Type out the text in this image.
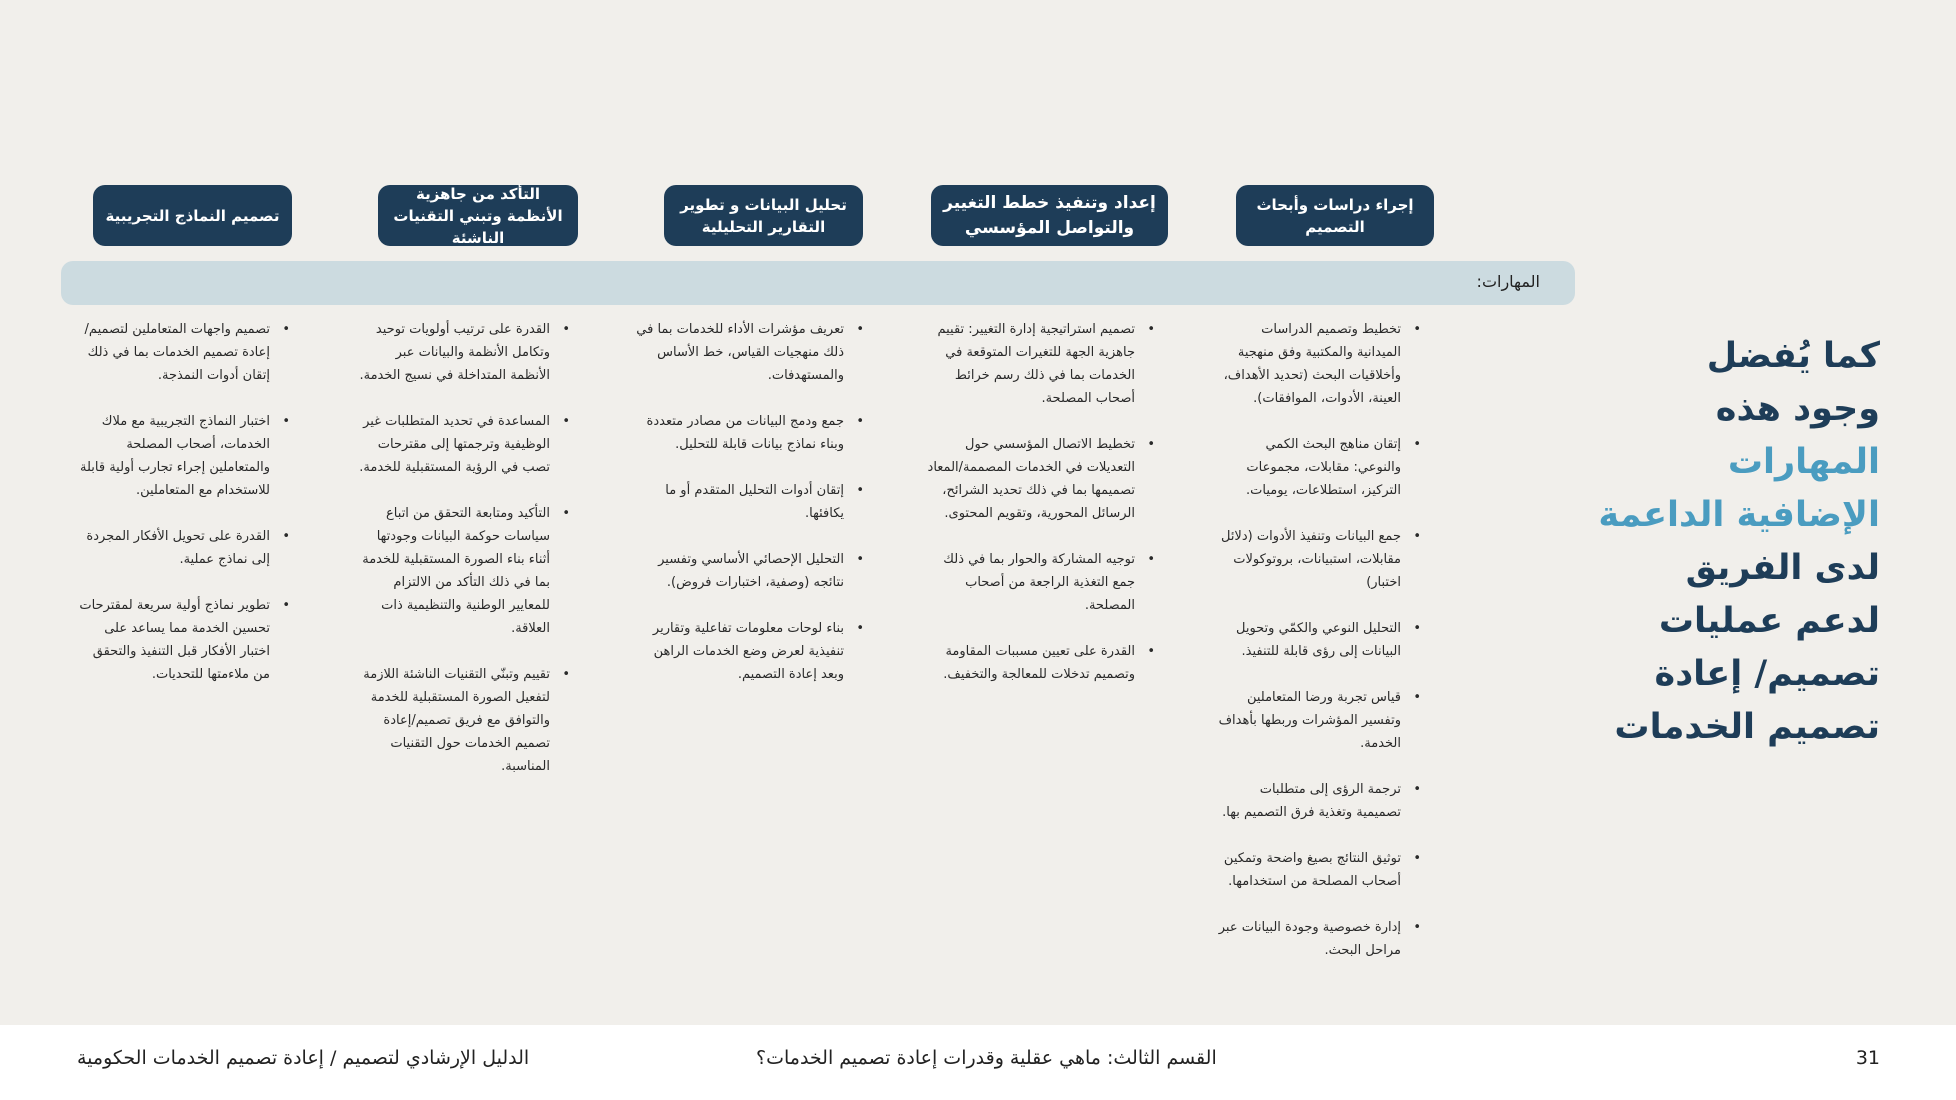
إجراء دراسات وأبحاث التصميم
إعداد وتنفيذ خطط التغيير والتواصل المؤسسي
تحليل البيانات و تطوير التقارير التحليلية
التأكد من جاهزية الأنظمة وتبني التقنيات الناشئة
تصميم النماذج التجريبية
المهارات:
• تخطيط وتصميم الدراسات الميدانية والمكتبية وفق منهجية وأخلاقيات البحث (تحديد الأهداف، العينة، الأدوات، الموافقات).
• إتقان مناهج البحث الكمي والنوعي: مقابلات، مجموعات التركيز، استطلاعات، يوميات.
• جمع البيانات وتنفيذ الأدوات (دلائل مقابلات، استبيانات، بروتوكولات اختبار)
• التحليل النوعي والكمّي وتحويل البيانات إلى رؤى قابلة للتنفيذ.
• قياس تجربة ورضا المتعاملين وتفسير المؤشرات وربطها بأهداف الخدمة.
• ترجمة الرؤى إلى متطلبات تصميمية وتغذية فرق التصميم بها.
• توثيق النتائج بصيغ واضحة وتمكين أصحاب المصلحة من استخدامها.
• إدارة خصوصية وجودة البيانات عبر مراحل البحث.
• تصميم استراتيجية إدارة التغيير: تقييم جاهزية الجهة للتغيرات المتوقعة في الخدمات بما في ذلك رسم خرائط أصحاب المصلحة.
• تخطيط الاتصال المؤسسي حول التعديلات في الخدمات المصممة/المعاد تصميمها بما في ذلك تحديد الشرائح، الرسائل المحورية، وتقويم المحتوى.
• توجيه المشاركة والحوار بما في ذلك جمع التغذية الراجعة من أصحاب المصلحة.
• القدرة على تعيين مسببات المقاومة وتصميم تدخلات للمعالجة والتخفيف.
• تعريف مؤشرات الأداء للخدمات بما في ذلك منهجيات القياس، خط الأساس والمستهدفات.
• جمع ودمج البيانات من مصادر متعددة وبناء نماذج بيانات قابلة للتحليل.
• إتقان أدوات التحليل المتقدم أو ما يكافئها.
• التحليل الإحصائي الأساسي وتفسير نتائجه (وصفية، اختبارات فروض).
• بناء لوحات معلومات تفاعلية وتقارير تنفيذية لعرض وضع الخدمات الراهن وبعد إعادة التصميم.
• القدرة على ترتيب أولويات توحيد وتكامل الأنظمة والبيانات عبر الأنظمة المتداخلة في نسيج الخدمة.
• المساعدة في تحديد المتطلبات غير الوظيفية وترجمتها إلى مقترحات تصب في الرؤية المستقبلية للخدمة.
• التأكيد ومتابعة التحقق من اتباع سياسات حوكمة البيانات وجودتها أثناء بناء الصورة المستقبلية للخدمة بما في ذلك التأكد من الالتزام للمعايير الوطنية والتنظيمية ذات العلاقة.
• تقييم وتبنّي التقنيات الناشئة اللازمة لتفعيل الصورة المستقبلية للخدمة والتوافق مع فريق تصميم/إعادة تصميم الخدمات حول التقنيات المناسبة.
• تصميم واجهات المتعاملين لتصميم/ إعادة تصميم الخدمات بما في ذلك إتقان أدوات النمذجة.
• اختبار النماذج التجريبية مع ملاك الخدمات، أصحاب المصلحة والمتعاملين إجراء تجارب أولية قابلة للاستخدام مع المتعاملين.
• القدرة على تحويل الأفكار المجردة إلى نماذج عملية.
• تطوير نماذج أولية سريعة لمقترحات تحسين الخدمة مما يساعد على اختبار الأفكار قبل التنفيذ والتحقق من ملاءمتها للتحديات.
كما يُفضل
وجود هذه
المهارات
الإضافية الداعمة
لدى الفريق
لدعم عمليات
تصميم/ إعادة
تصميم الخدمات
31
القسم الثالث: ماهي عقلية وقدرات إعادة تصميم الخدمات؟
الدليل الإرشادي لتصميم / إعادة تصميم الخدمات الحكومية
